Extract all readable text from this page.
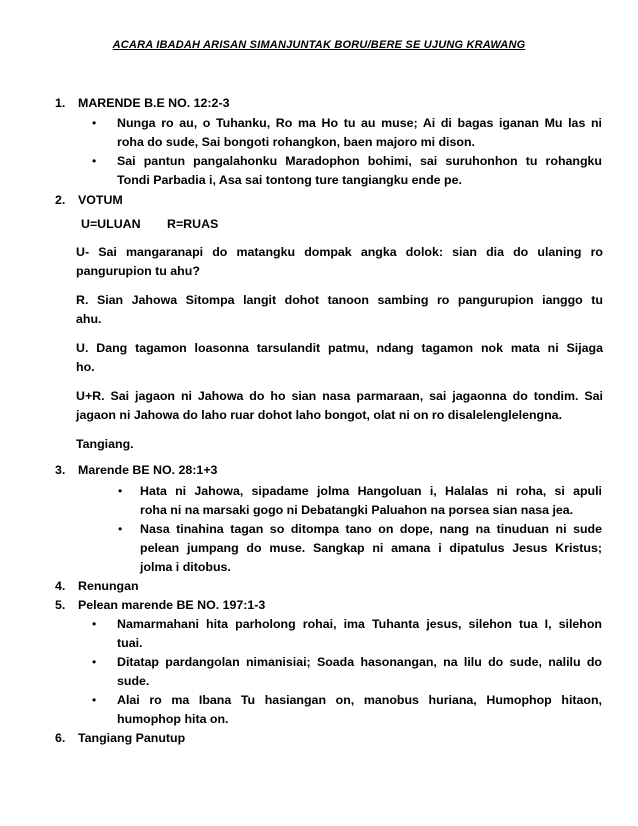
ACARA IBADAH ARISAN SIMANJUNTAK BORU/BERE SE UJUNG KRAWANG
1. MARENDE B.E NO. 12:2-3
• Nunga ro au, o Tuhanku, Ro ma Ho tu au muse; Ai di bagas iganan Mu las ni
roha do sude, Sai bongoti rohangkon, baen majoro mi dison.
• Sai pantun pangalahonku Maradophon bohimi, sai suruhonhon tu rohangku
Tondi Parbadia i, Asa sai tontong ture tangiangku ende pe.
2. VOTUM
U=ULUAN R=RUAS
U- Sai mangaranapi do matangku dompak angka dolok: sian dia do ulaning ro
pangurupion tu ahu?
R. Sian Jahowa Sitompa langit dohot tanoon sambing ro pangurupion ianggo tu
ahu.
U. Dang tagamon loasonna tarsulandit patmu, ndang tagamon nok mata ni Sijaga
ho.
U+R. Sai jagaon ni Jahowa do ho sian nasa parmaraan, sai jagaonna do tondim. Sai
jagaon ni Jahowa do laho ruar dohot laho bongot, olat ni on ro disalelenglelengna.
Tangiang.
3. Marende BE NO. 28:1+3
• Hata ni Jahowa, sipadame jolma Hangoluan i, Halalas ni roha, si apuli
roha ni na marsaki gogo ni Debatangki Paluahon na porsea sian nasa jea.
• Nasa tinahina tagan so ditompa tano on dope, nang na tinuduan ni sude
pelean jumpang do muse. Sangkap ni amana i dipatulus Jesus Kristus;
jolma i ditobus.
4. Renungan
5. Pelean marende BE NO. 197:1-3
• Namarmahani hita parholong rohai, ima Tuhanta jesus, silehon tua I, silehon
tuai.
• Ditatap pardangolan nimanisiai; Soada hasonangan, na lilu do sude, nalilu do
sude.
• Alai ro ma Ibana Tu hasiangan on, manobus huriana, Humophop hitaon,
humophop hita on.
6. Tangiang Panutup
